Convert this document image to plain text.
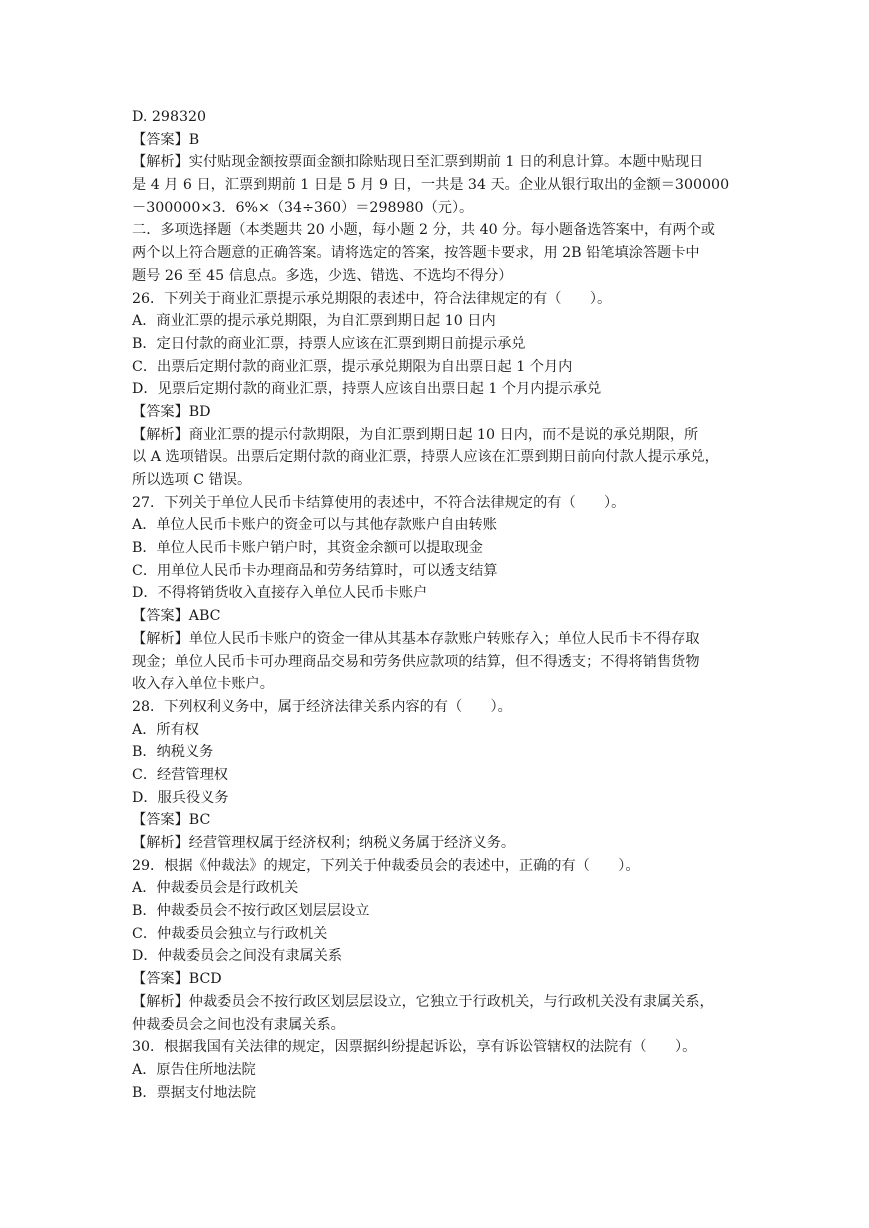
D. 298320
【答案】B
【解析】实付贴现金额按票面金额扣除贴现日至汇票到期前 1 日的利息计算。本题中贴现日
是 4 月 6 日，汇票到期前 1 日是 5 月 9 日，一共是 34 天。企业从银行取出的金额＝300000
－300000×3．6%×（34÷360）＝298980（元）。
二．多项选择题（本类题共 20 小题，每小题 2 分，共 40 分。每小题备选答案中，有两个或
两个以上符合题意的正确答案。请将选定的答案，按答题卡要求，用 2B 铅笔填涂答题卡中
题号 26 至 45 信息点。多选，少选、错选、不选均不得分）
26．下列关于商业汇票提示承兑期限的表述中，符合法律规定的有（　　）。
A．商业汇票的提示承兑期限，为自汇票到期日起 10 日内
B．定日付款的商业汇票，持票人应该在汇票到期日前提示承兑
C．出票后定期付款的商业汇票，提示承兑期限为自出票日起 1 个月内
D．见票后定期付款的商业汇票，持票人应该自出票日起 1 个月内提示承兑
【答案】BD
【解析】商业汇票的提示付款期限，为自汇票到期日起 10 日内，而不是说的承兑期限，所
以 A 选项错误。出票后定期付款的商业汇票，持票人应该在汇票到期日前向付款人提示承兑，
所以选项 C 错误。
27．下列关于单位人民币卡结算使用的表述中，不符合法律规定的有（　　）。
A．单位人民币卡账户的资金可以与其他存款账户自由转账
B．单位人民币卡账户销户时，其资金余额可以提取现金
C．用单位人民币卡办理商品和劳务结算时，可以透支结算
D．不得将销货收入直接存入单位人民币卡账户
【答案】ABC
【解析】单位人民币卡账户的资金一律从其基本存款账户转账存入；单位人民币卡不得存取
现金；单位人民币卡可办理商品交易和劳务供应款项的结算，但不得透支；不得将销售货物
收入存入单位卡账户。
28．下列权利义务中，属于经济法律关系内容的有（　　）。
A．所有权
B．纳税义务
C．经营管理权
D．服兵役义务
【答案】BC
【解析】经营管理权属于经济权利；纳税义务属于经济义务。
29．根据《仲裁法》的规定，下列关于仲裁委员会的表述中，正确的有（　　）。
A．仲裁委员会是行政机关
B．仲裁委员会不按行政区划层层设立
C．仲裁委员会独立与行政机关
D．仲裁委员会之间没有隶属关系
【答案】BCD
【解析】仲裁委员会不按行政区划层层设立，它独立于行政机关，与行政机关没有隶属关系，
仲裁委员会之间也没有隶属关系。
30．根据我国有关法律的规定，因票据纠纷提起诉讼，享有诉讼管辖权的法院有（　　）。
A．原告住所地法院
B．票据支付地法院
